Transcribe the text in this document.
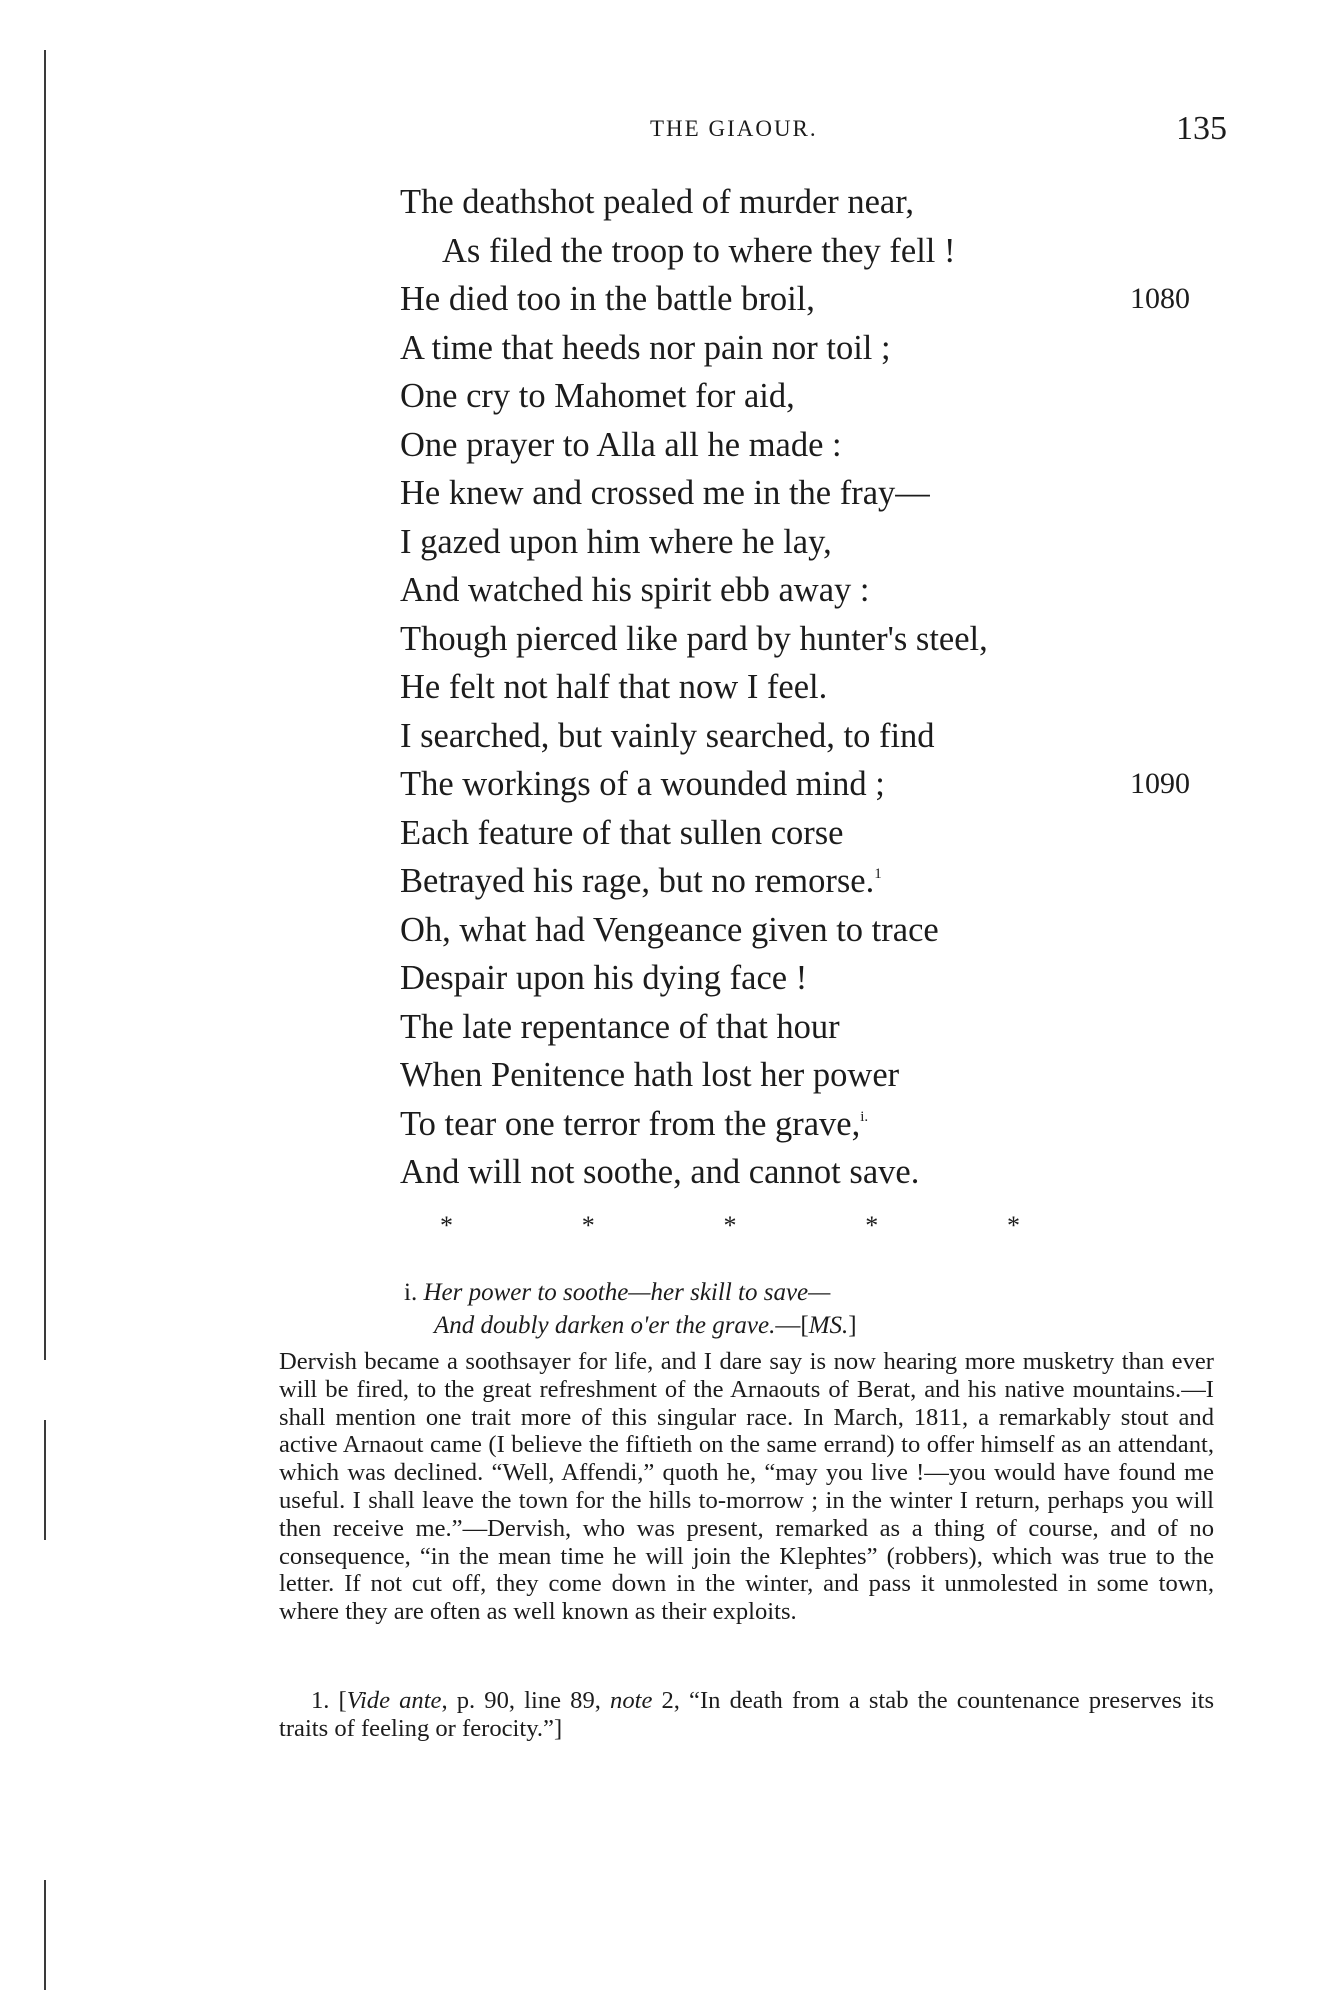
THE GIAOUR.	135
The deathshot pealed of murder near,
As filed the troop to where they fell !
He died too in the battle broil,	1080
A time that heeds nor pain nor toil ;
One cry to Mahomet for aid,
One prayer to Alla all he made :
He knew and crossed me in the fray—
I gazed upon him where he lay,
And watched his spirit ebb away :
Though pierced like pard by hunter's steel,
He felt not half that now I feel.
I searched, but vainly searched, to find
The workings of a wounded mind ;	1090
Each feature of that sullen corse
Betrayed his rage, but no remorse.$^1$
Oh, what had Vengeance given to trace
Despair upon his dying face !
The late repentance of that hour
When Penitence hath lost her power
To tear one terror from the grave,$^{i.}$
And will not soothe, and cannot save.
*	*	*	*	*
i. Her power to soothe—her skill to save—
And doubly darken o'er the grave.—[MS.]
Dervish became a soothsayer for life, and I dare say is now hearing more musketry than ever will be fired, to the great refreshment of the Arnaouts of Berat, and his native mountains.—I shall mention one trait more of this singular race. In March, 1811, a remarkably stout and active Arnaout came (I believe the fiftieth on the same errand) to offer himself as an attendant, which was declined. “Well, Affendi,” quoth he, “may you live !—you would have found me useful. I shall leave the town for the hills to-morrow ; in the winter I return, perhaps you will then receive me.”—Dervish, who was present, remarked as a thing of course, and of no consequence, “in the mean time he will join the Klephtes” (robbers), which was true to the letter. If not cut off, they come down in the winter, and pass it unmolested in some town, where they are often as well known as their exploits.
1. [Vide ante, p. 90, line 89, note 2, “In death from a stab the countenance preserves its traits of feeling or ferocity.”]
